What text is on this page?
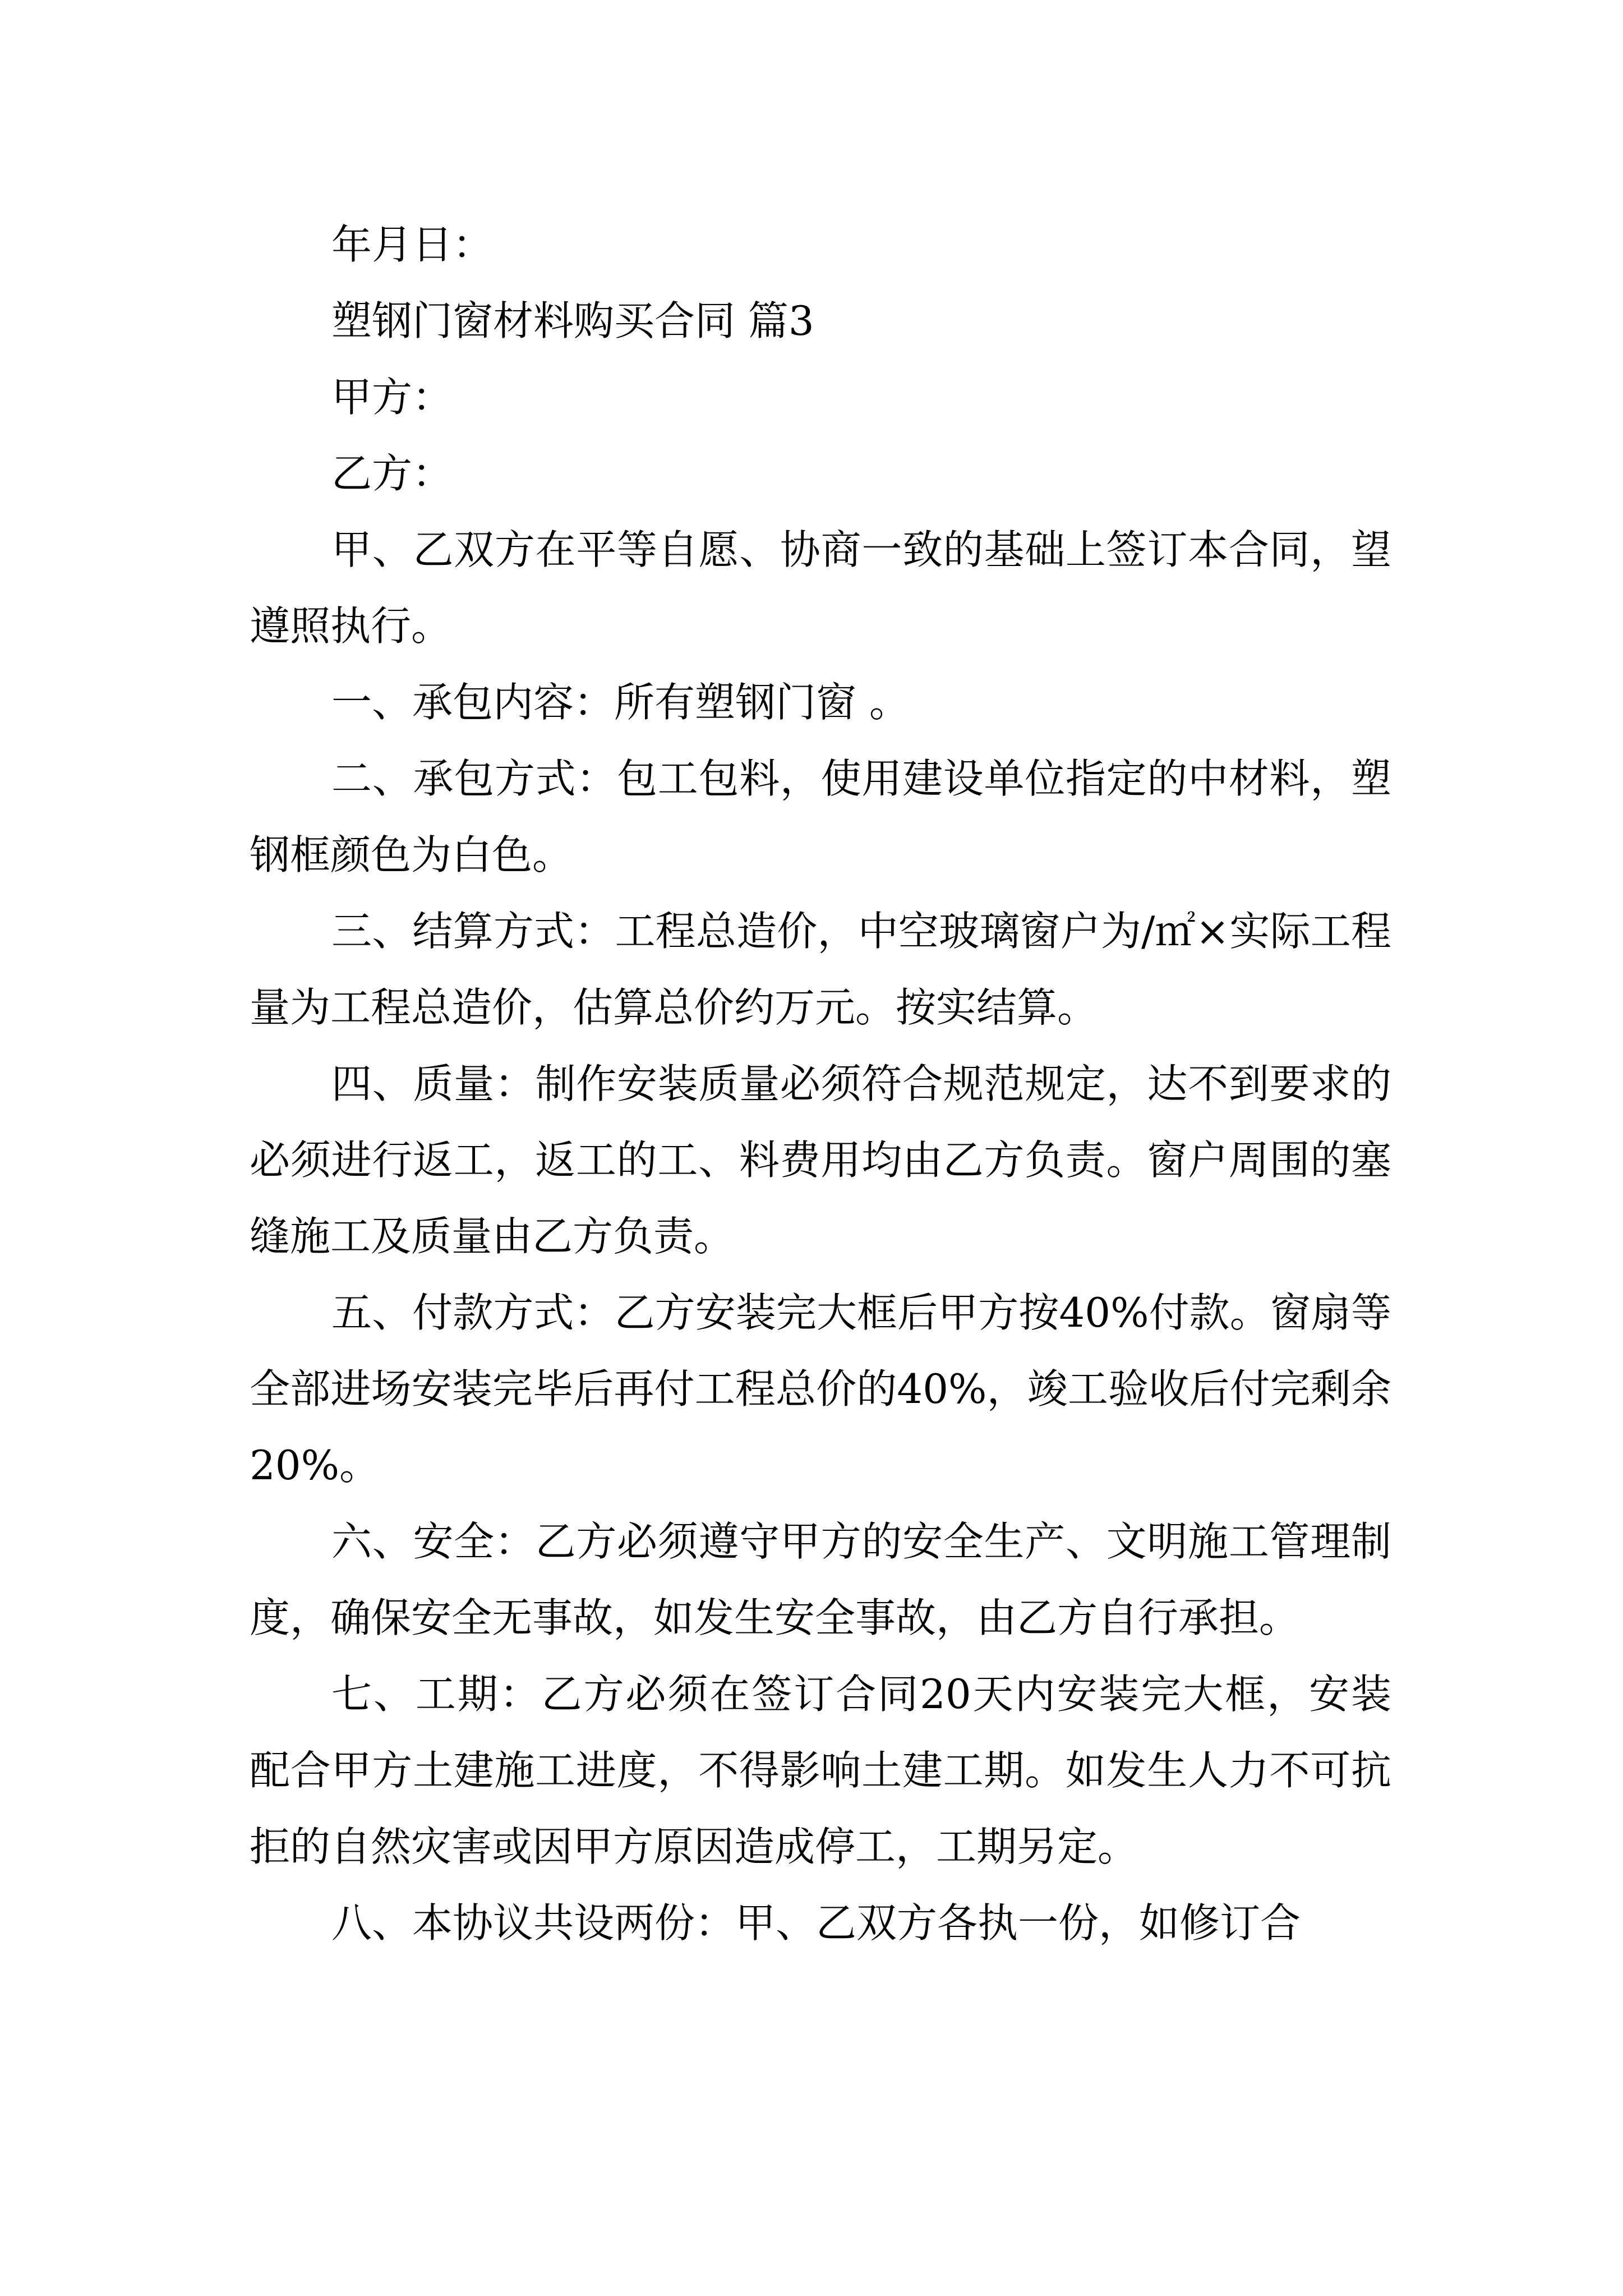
年月日：

塑钢门窗材料购买合同 篇3

甲方：

乙方：

甲、乙双方在平等自愿、协商一致的基础上签订本合同，望遵照执行。

一、承包内容：所有塑钢门窗 。

二、承包方式：包工包料，使用建设单位指定的中材料，塑钢框颜色为白色。

三、结算方式：工程总造价，中空玻璃窗户为/㎡×实际工程量为工程总造价，估算总价约万元。按实结算。

四、质量：制作安装质量必须符合规范规定，达不到要求的必须进行返工，返工的工、料费用均由乙方负责。窗户周围的塞缝施工及质量由乙方负责。

五、付款方式：乙方安装完大框后甲方按40%付款。窗扇等全部进场安装完毕后再付工程总价的40%，竣工验收后付完剩余20%。

六、安全：乙方必须遵守甲方的安全生产、文明施工管理制度，确保安全无事故，如发生安全事故，由乙方自行承担。

七、工期：乙方必须在签订合同20天内安装完大框，安装配合甲方土建施工进度，不得影响土建工期。如发生人力不可抗拒的自然灾害或因甲方原因造成停工，工期另定。

八、本协议共设两份：甲、乙双方各执一份，如修订合
